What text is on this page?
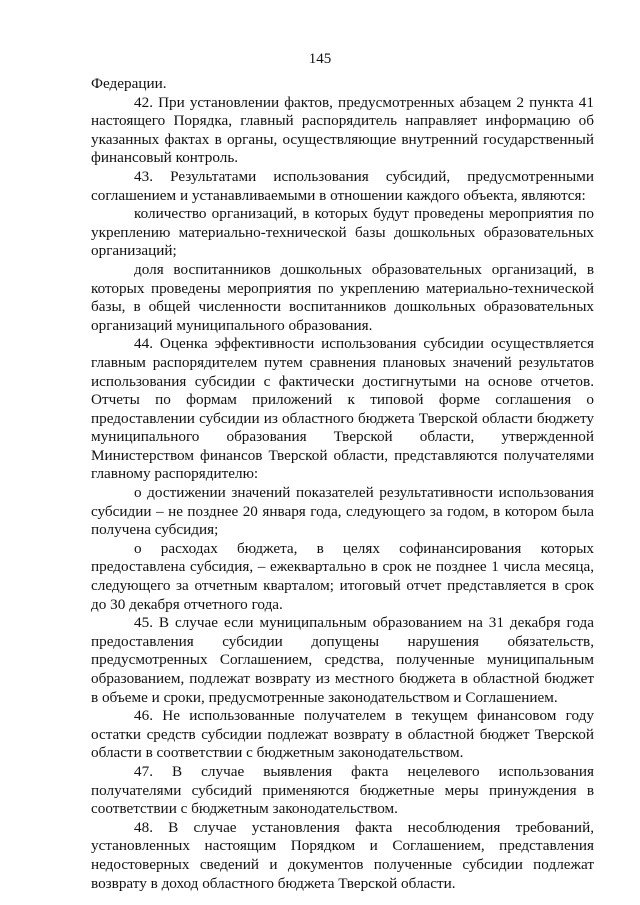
145

Федерации.

42. При установлении фактов, предусмотренных абзацем 2 пункта 41 настоящего Порядка, главный распорядитель направляет информацию об указанных фактах в органы, осуществляющие внутренний государственный финансовый контроль.

43. Результатами использования субсидий, предусмотренными соглашением и устанавливаемыми в отношении каждого объекта, являются:

количество организаций, в которых будут проведены мероприятия по укреплению материально-технической базы дошкольных образовательных организаций;

доля воспитанников дошкольных образовательных организаций, в которых проведены мероприятия по укреплению материально-технической базы, в общей численности воспитанников дошкольных образовательных организаций муниципального образования.

44. Оценка эффективности использования субсидии осуществляется главным распорядителем путем сравнения плановых значений результатов использования субсидии с фактически достигнутыми на основе отчетов. Отчеты по формам приложений к типовой форме соглашения о предоставлении субсидии из областного бюджета Тверской области бюджету муниципального образования Тверской области, утвержденной Министерством финансов Тверской области, представляются получателями главному распорядителю:

о достижении значений показателей результативности использования субсидии – не позднее 20 января года, следующего за годом, в котором была получена субсидия;

о расходах бюджета, в целях софинансирования которых предоставлена субсидия, – ежеквартально в срок не позднее 1 числа месяца, следующего за отчетным кварталом; итоговый отчет представляется в срок до 30 декабря отчетного года.

45. В случае если муниципальным образованием на 31 декабря года предоставления субсидии допущены нарушения обязательств, предусмотренных Соглашением, средства, полученные муниципальным образованием, подлежат возврату из местного бюджета в областной бюджет в объеме и сроки, предусмотренные законодательством и Соглашением.

46. Не использованные получателем в текущем финансовом году остатки средств субсидии подлежат возврату в областной бюджет Тверской области в соответствии с бюджетным законодательством.

47. В случае выявления факта нецелевого использования получателями субсидий применяются бюджетные меры принуждения в соответствии с бюджетным законодательством.

48. В случае установления факта несоблюдения требований, установленных настоящим Порядком и Соглашением, представления недостоверных сведений и документов полученные субсидии подлежат возврату в доход областного бюджета Тверской области.
